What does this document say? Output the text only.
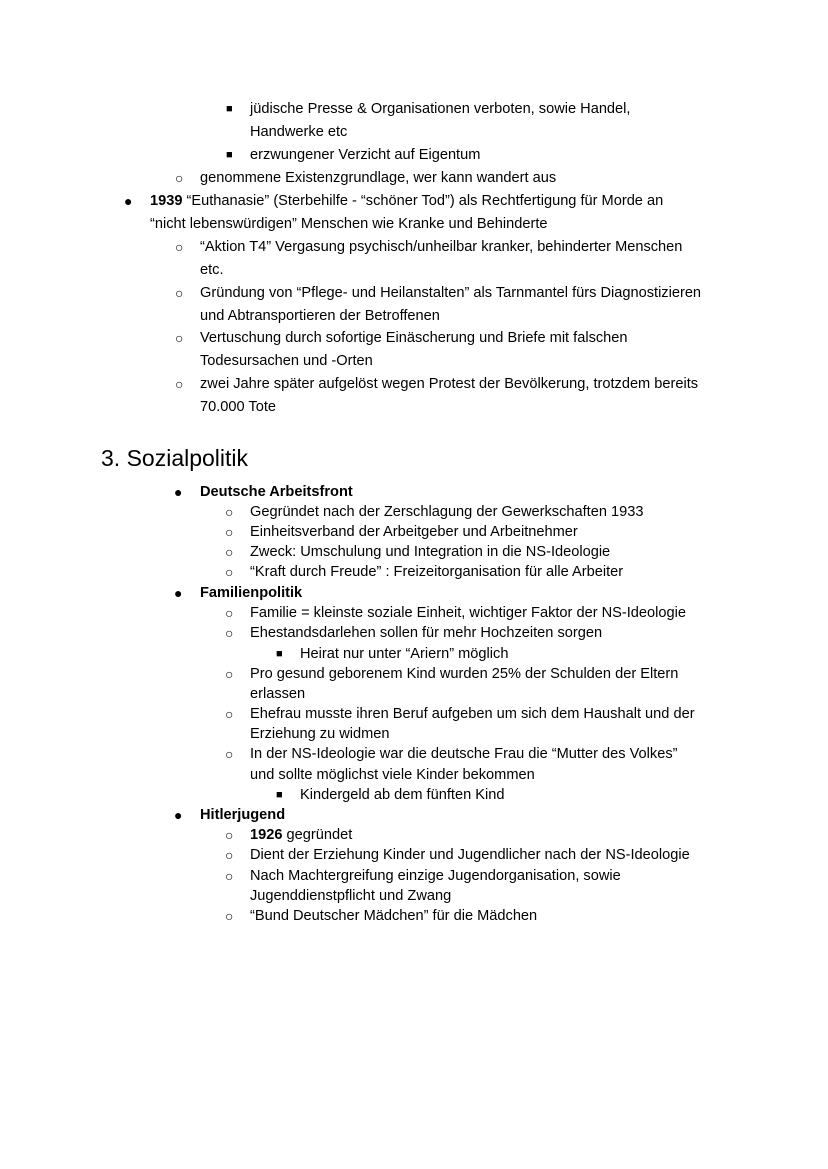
■ jüdische Presse & Organisationen verboten, sowie Handel,
Handwerke etc
■ erzwungener Verzicht auf Eigentum
○ genommene Existenzgrundlage, wer kann wandert aus
● 1939 “Euthanasie” (Sterbehilfe - “schöner Tod”) als Rechtfertigung für Morde an
“nicht lebenswürdigen” Menschen wie Kranke und Behinderte
○ “Aktion T4” Vergasung psychisch/unheilbar kranker, behinderter Menschen
etc.
○ Gründung von “Pflege- und Heilanstalten” als Tarnmantel fürs Diagnostizieren
und Abtransportieren der Betroffenen
○ Vertuschung durch sofortige Einäscherung und Briefe mit falschen
Todesursachen und -Orten
○ zwei Jahre später aufgelöst wegen Protest der Bevölkerung, trotzdem bereits
70.000 Tote
3. Sozialpolitik
● Deutsche Arbeitsfront
○ Gegründet nach der Zerschlagung der Gewerkschaften 1933
○ Einheitsverband der Arbeitgeber und Arbeitnehmer
○ Zweck: Umschulung und Integration in die NS-Ideologie
○ “Kraft durch Freude” : Freizeitorganisation für alle Arbeiter
● Familienpolitik
○ Familie = kleinste soziale Einheit, wichtiger Faktor der NS-Ideologie
○ Ehestandsdarlehen sollen für mehr Hochzeiten sorgen
■ Heirat nur unter “Ariern” möglich
○ Pro gesund geborenem Kind wurden 25% der Schulden der Eltern
erlassen
○ Ehefrau musste ihren Beruf aufgeben um sich dem Haushalt und der
Erziehung zu widmen
○ In der NS-Ideologie war die deutsche Frau die “Mutter des Volkes”
und sollte möglichst viele Kinder bekommen
■ Kindergeld ab dem fünften Kind
● Hitlerjugend
○ 1926 gegründet
○ Dient der Erziehung Kinder und Jugendlicher nach der NS-Ideologie
○ Nach Machtergreifung einzige Jugendorganisation, sowie
Jugenddienstpflicht und Zwang
○ “Bund Deutscher Mädchen” für die Mädchen
